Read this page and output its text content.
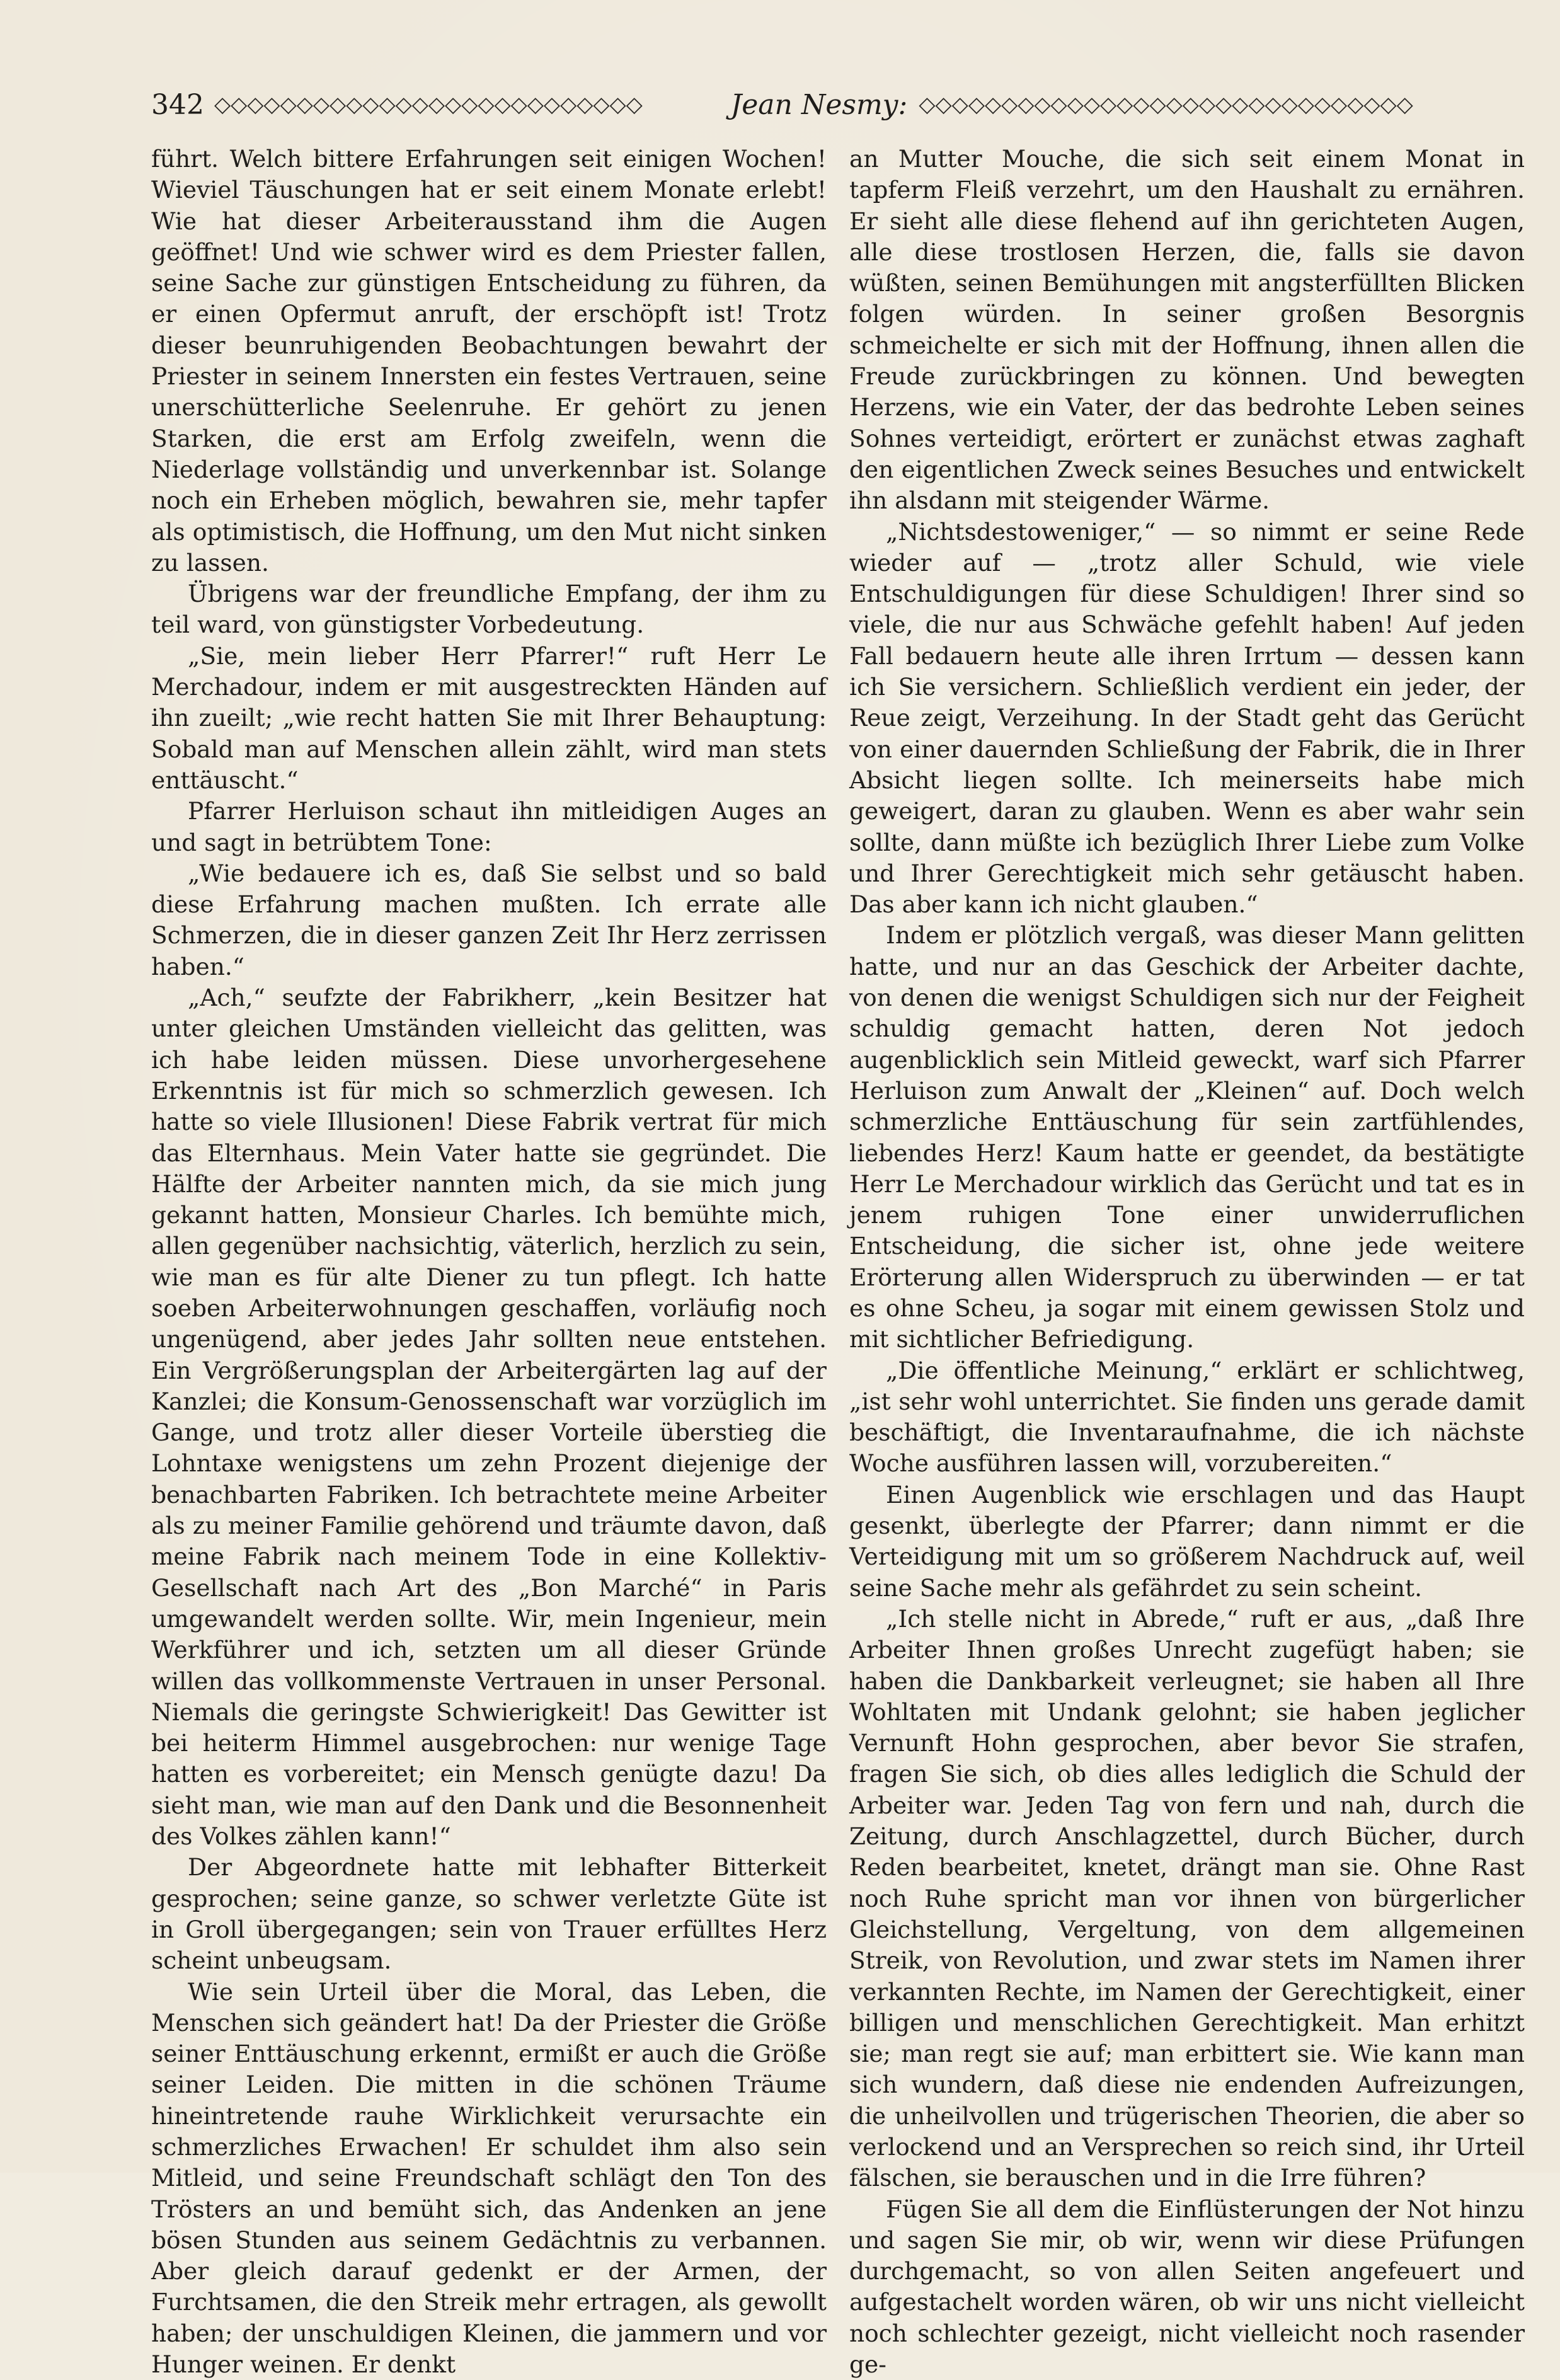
342 ◇◇◇◇◇◇◇◇◇◇◇◇◇◇◇◇◇◇◇◇◇◇◇◇◇◇	Jean Nesmy: ◇◇◇◇◇◇◇◇◇◇◇◇◇◇◇◇◇◇◇◇◇◇◇◇◇◇◇◇◇◇

führt. Welch bittere Erfahrungen seit einigen Wochen! Wieviel Täuschungen hat er seit einem Monate erlebt! Wie hat dieser Arbeiterausstand ihm die Augen geöffnet! Und wie schwer wird es dem Priester fallen, seine Sache zur günstigen Entscheidung zu führen, da er einen Opfermut anruft, der erschöpft ist! Trotz dieser beunruhigenden Beobachtungen bewahrt der Priester in seinem Innersten ein festes Vertrauen, seine unerschütterliche Seelenruhe. Er gehört zu jenen Starken, die erst am Erfolg zweifeln, wenn die Niederlage vollständig und unverkennbar ist. Solange noch ein Erheben möglich, bewahren sie, mehr tapfer als optimistisch, die Hoffnung, um den Mut nicht sinken zu lassen.

Übrigens war der freundliche Empfang, der ihm zu teil ward, von günstigster Vorbedeutung.

„Sie, mein lieber Herr Pfarrer!“ ruft Herr Le Merchadour, indem er mit ausgestreckten Händen auf ihn zueilt; „wie recht hatten Sie mit Ihrer Behauptung: Sobald man auf Menschen allein zählt, wird man stets enttäuscht.“

Pfarrer Herluison schaut ihn mitleidigen Auges an und sagt in betrübtem Tone:

„Wie bedauere ich es, daß Sie selbst und so bald diese Erfahrung machen mußten. Ich errate alle Schmerzen, die in dieser ganzen Zeit Ihr Herz zerrissen haben.“

„Ach,“ seufzte der Fabrikherr, „kein Besitzer hat unter gleichen Umständen vielleicht das gelitten, was ich habe leiden müssen. Diese unvorhergesehene Erkenntnis ist für mich so schmerzlich gewesen. Ich hatte so viele Illusionen! Diese Fabrik vertrat für mich das Elternhaus. Mein Vater hatte sie gegründet. Die Hälfte der Arbeiter nannten mich, da sie mich jung gekannt hatten, Monsieur Charles. Ich bemühte mich, allen gegenüber nachsichtig, väterlich, herzlich zu sein, wie man es für alte Diener zu tun pflegt. Ich hatte soeben Arbeiterwohnungen geschaffen, vorläufig noch ungenügend, aber jedes Jahr sollten neue entstehen. Ein Vergrößerungsplan der Arbeitergärten lag auf der Kanzlei; die Konsum-Genossenschaft war vorzüglich im Gange, und trotz aller dieser Vorteile überstieg die Lohntaxe wenigstens um zehn Prozent diejenige der benachbarten Fabriken. Ich betrachtete meine Arbeiter als zu meiner Familie gehörend und träumte davon, daß meine Fabrik nach meinem Tode in eine Kollektiv-Gesellschaft nach Art des „Bon Marché“ in Paris umgewandelt werden sollte. Wir, mein Ingenieur, mein Werkführer und ich, setzten um all dieser Gründe willen das vollkommenste Vertrauen in unser Personal. Niemals die geringste Schwierigkeit! Das Gewitter ist bei heiterm Himmel ausgebrochen: nur wenige Tage hatten es vorbereitet; ein Mensch genügte dazu! Da sieht man, wie man auf den Dank und die Besonnenheit des Volkes zählen kann!“

Der Abgeordnete hatte mit lebhafter Bitterkeit gesprochen; seine ganze, so schwer verletzte Güte ist in Groll übergegangen; sein von Trauer erfülltes Herz scheint unbeugsam.

Wie sein Urteil über die Moral, das Leben, die Menschen sich geändert hat! Da der Priester die Größe seiner Enttäuschung erkennt, ermißt er auch die Größe seiner Leiden. Die mitten in die schönen Träume hineintretende rauhe Wirklichkeit verursachte ein schmerzliches Erwachen! Er schuldet ihm also sein Mitleid, und seine Freundschaft schlägt den Ton des Trösters an und bemüht sich, das Andenken an jene bösen Stunden aus seinem Gedächtnis zu verbannen. Aber gleich darauf gedenkt er der Armen, der Furchtsamen, die den Streik mehr ertragen, als gewollt haben; der unschuldigen Kleinen, die jammern und vor Hunger weinen. Er denkt

an Mutter Mouche, die sich seit einem Monat in tapferm Fleiß verzehrt, um den Haushalt zu ernähren. Er sieht alle diese flehend auf ihn gerichteten Augen, alle diese trostlosen Herzen, die, falls sie davon wüßten, seinen Bemühungen mit angsterfüllten Blicken folgen würden. In seiner großen Besorgnis schmeichelte er sich mit der Hoffnung, ihnen allen die Freude zurückbringen zu können. Und bewegten Herzens, wie ein Vater, der das bedrohte Leben seines Sohnes verteidigt, erörtert er zunächst etwas zaghaft den eigentlichen Zweck seines Besuches und entwickelt ihn alsdann mit steigender Wärme.

„Nichtsdestoweniger,“ — so nimmt er seine Rede wieder auf — „trotz aller Schuld, wie viele Entschuldigungen für diese Schuldigen! Ihrer sind so viele, die nur aus Schwäche gefehlt haben! Auf jeden Fall bedauern heute alle ihren Irrtum — dessen kann ich Sie versichern. Schließlich verdient ein jeder, der Reue zeigt, Verzeihung. In der Stadt geht das Gerücht von einer dauernden Schließung der Fabrik, die in Ihrer Absicht liegen sollte. Ich meinerseits habe mich geweigert, daran zu glauben. Wenn es aber wahr sein sollte, dann müßte ich bezüglich Ihrer Liebe zum Volke und Ihrer Gerechtigkeit mich sehr getäuscht haben. Das aber kann ich nicht glauben.“

Indem er plötzlich vergaß, was dieser Mann gelitten hatte, und nur an das Geschick der Arbeiter dachte, von denen die wenigst Schuldigen sich nur der Feigheit schuldig gemacht hatten, deren Not jedoch augenblicklich sein Mitleid geweckt, warf sich Pfarrer Herluison zum Anwalt der „Kleinen“ auf. Doch welch schmerzliche Enttäuschung für sein zartfühlendes, liebendes Herz! Kaum hatte er geendet, da bestätigte Herr Le Merchadour wirklich das Gerücht und tat es in jenem ruhigen Tone einer unwiderruflichen Entscheidung, die sicher ist, ohne jede weitere Erörterung allen Widerspruch zu überwinden — er tat es ohne Scheu, ja sogar mit einem gewissen Stolz und mit sichtlicher Befriedigung.

„Die öffentliche Meinung,“ erklärt er schlichtweg, „ist sehr wohl unterrichtet. Sie finden uns gerade damit beschäftigt, die Inventaraufnahme, die ich nächste Woche ausführen lassen will, vorzubereiten.“

Einen Augenblick wie erschlagen und das Haupt gesenkt, überlegte der Pfarrer; dann nimmt er die Verteidigung mit um so größerem Nachdruck auf, weil seine Sache mehr als gefährdet zu sein scheint.

„Ich stelle nicht in Abrede,“ ruft er aus, „daß Ihre Arbeiter Ihnen großes Unrecht zugefügt haben; sie haben die Dankbarkeit verleugnet; sie haben all Ihre Wohltaten mit Undank gelohnt; sie haben jeglicher Vernunft Hohn gesprochen, aber bevor Sie strafen, fragen Sie sich, ob dies alles lediglich die Schuld der Arbeiter war. Jeden Tag von fern und nah, durch die Zeitung, durch Anschlagzettel, durch Bücher, durch Reden bearbeitet, knetet, drängt man sie. Ohne Rast noch Ruhe spricht man vor ihnen von bürgerlicher Gleichstellung, Vergeltung, von dem allgemeinen Streik, von Revolution, und zwar stets im Namen ihrer verkannten Rechte, im Namen der Gerechtigkeit, einer billigen und menschlichen Gerechtigkeit. Man erhitzt sie; man regt sie auf; man erbittert sie. Wie kann man sich wundern, daß diese nie endenden Aufreizungen, die unheilvollen und trügerischen Theorien, die aber so verlockend und an Versprechen so reich sind, ihr Urteil fälschen, sie berauschen und in die Irre führen?

Fügen Sie all dem die Einflüsterungen der Not hinzu und sagen Sie mir, ob wir, wenn wir diese Prüfungen durchgemacht, so von allen Seiten angefeuert und aufgestachelt worden wären, ob wir uns nicht vielleicht noch schlechter gezeigt, nicht vielleicht noch rasender ge-
